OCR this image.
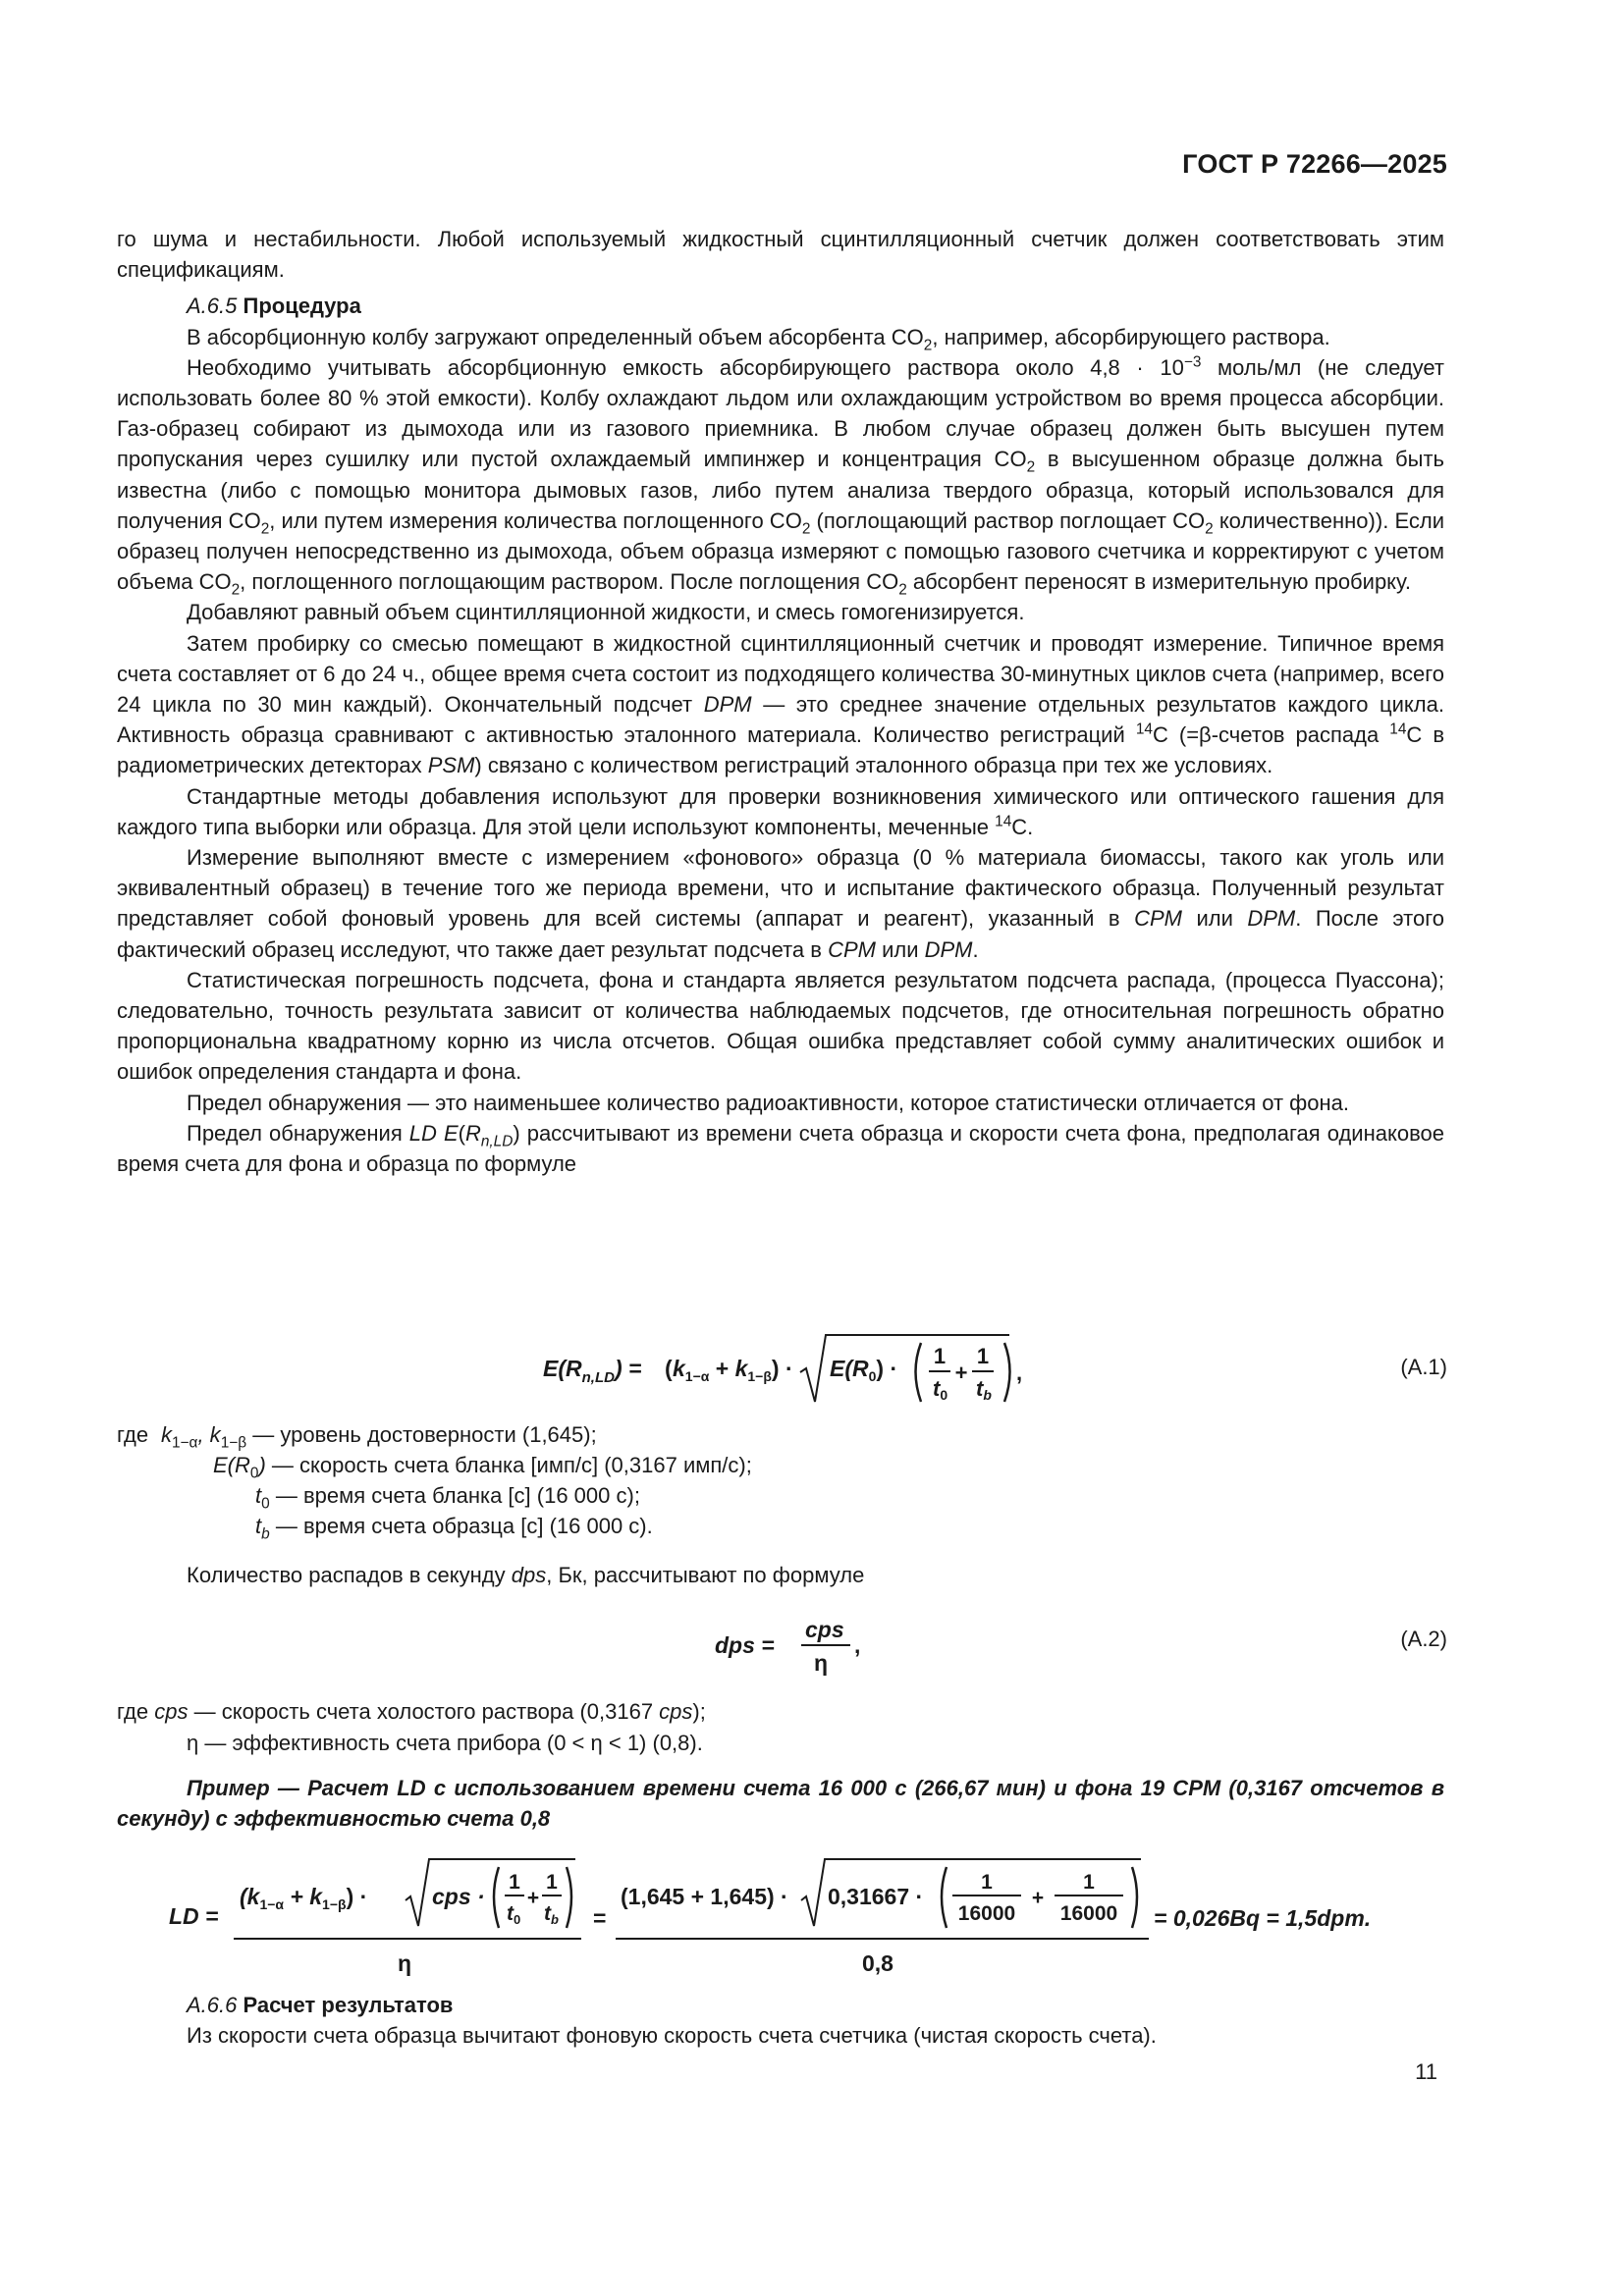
ГОСТ Р 72266—2025

го шума и нестабильности. Любой используемый жидкостный сцинтилляционный счетчик должен соответствовать этим спецификациям.

А.6.5 Процедура

В абсорбционную колбу загружают определенный объем абсорбента $CO_2$, например, абсорбирующего раствора.

Необходимо учитывать абсорбционную емкость абсорбирующего раствора около $4,8 \cdot 10^{-3}$ моль/мл (не следует использовать более 80 % этой емкости). Колбу охлаждают льдом или охлаждающим устройством во время процесса абсорбции. Газ-образец собирают из дымохода или из газового приемника. В любом случае образец должен быть высушен путем пропускания через сушилку или пустой охлаждаемый импинжер и концентрация $CO_2$ в высушенном образце должна быть известна (либо с помощью монитора дымовых газов, либо путем анализа твердого образца, который использовался для получения $CO_2$, или путем измерения количества поглощенного $CO_2$ (поглощающий раствор поглощает $CO_2$ количественно)). Если образец получен непосредственно из дымохода, объем образца измеряют с помощью газового счетчика и корректируют с учетом объема $CO_2$, поглощенного поглощающим раствором. После поглощения $CO_2$ абсорбент переносят в измерительную пробирку.

Добавляют равный объем сцинтилляционной жидкости, и смесь гомогенизируется.

Затем пробирку со смесью помещают в жидкостной сцинтилляционный счетчик и проводят измерение. Типичное время счета составляет от 6 до 24 ч., общее время счета состоит из подходящего количества 30-минутных циклов счета (например, всего 24 цикла по 30 мин каждый). Окончательный подсчет DPM — это среднее значение отдельных результатов каждого цикла. Активность образца сравнивают с активностью эталонного материала. Количество регистраций $^{14}$C (=β-счетов распада $^{14}$C в радиометрических детекторах PSM) связано с количеством регистраций эталонного образца при тех же условиях.

Стандартные методы добавления используют для проверки возникновения химического или оптического гашения для каждого типа выборки или образца. Для этой цели используют компоненты, меченные $^{14}$C.

Измерение выполняют вместе с измерением «фонового» образца (0 % материала биомассы, такого как уголь или эквивалентный образец) в течение того же периода времени, что и испытание фактического образца. Полученный результат представляет собой фоновый уровень для всей системы (аппарат и реагент), указанный в CPM или DPM. После этого фактический образец исследуют, что также дает результат подсчета в CPM или DPM.

Статистическая погрешность подсчета, фона и стандарта является результатом подсчета распада, (процесса Пуассона); следовательно, точность результата зависит от количества наблюдаемых подсчетов, где относительная погрешность обратно пропорциональна квадратному корню из числа отсчетов. Общая ошибка представляет собой сумму аналитических ошибок и ошибок определения стандарта и фона.

Предел обнаружения — это наименьшее количество радиоактивности, которое статистически отличается от фона.

Предел обнаружения LD $E(R_{n,LD})$ рассчитывают из времени счета образца и скорости счета фона, предполагая одинаковое время счета для фона и образца по формуле

$E(R_{n,LD})$ = ( $k_{1-\alpha} + k_{1-\beta}) \cdot E(R_0) \cdot 1$ 1
+
t0 tb
,	(А.1)
где $k_{1-\alpha}$, $k_{1-\beta}$ — уровень достоверности (1,645);
$E(R_0)$ — скорость счета бланка [имп/с] (0,3167 имп/с);
$t_0$ — время счета бланка [с] (16 000 с);
$t_b$ — время счета образца [с] (16 000 с).
Количество распадов в секунду dps, Бк, рассчитывают по формуле
dps =
cps
η
,	(А.2)
где cps — скорость счета холостого раствора (0,3167 cps);
η — эффективность счета прибора (0 < η < 1) (0,8).

Пример — Расчет LD с использованием времени счета 16 000 с (266,67 мин) и фона 19 CPM (0,3167 отсчетов в секунду) с эффективностью счета 0,8

LD =
$(k_{1-\alpha} + k_{1-\beta})$ ·	cps ·
1 1
+
t0 tb
η
=
(1,645 + 1,645) · 0,31667 ·
1	1
+
16000 16000
0,8
= 0,026Bq = 1,5dpm.

А.6.6 Расчет результатов

Из скорости счета образца вычитают фоновую скорость счета счетчика (чистая скорость счета).

11
